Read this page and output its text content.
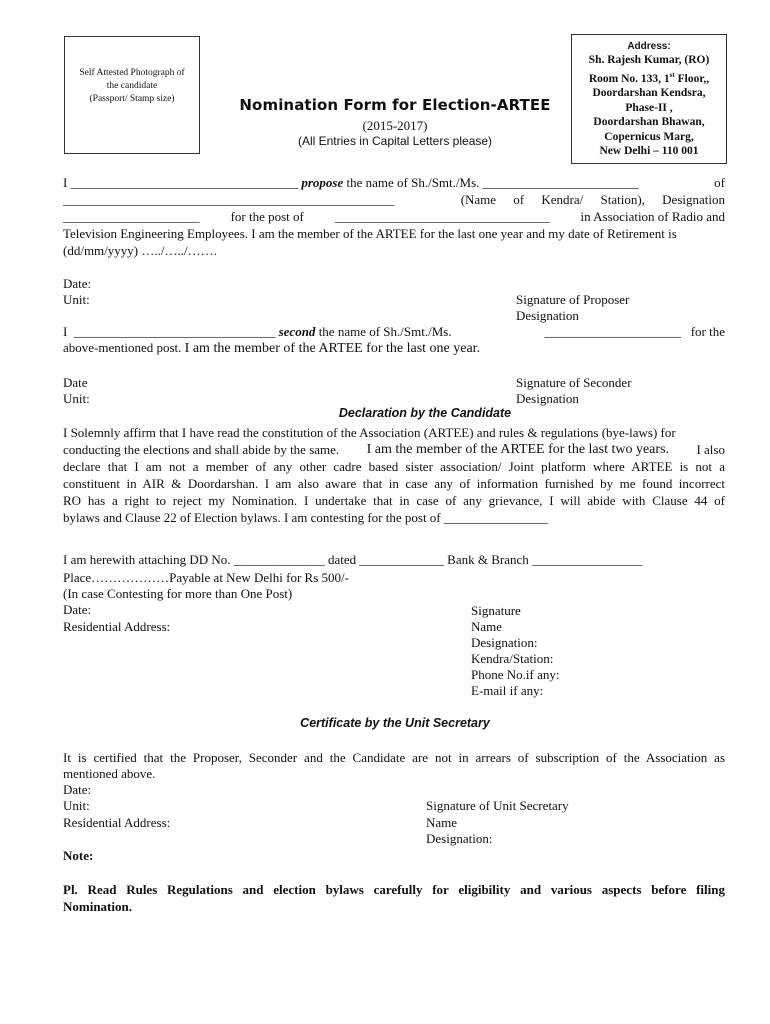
Self Attested Photograph of
the candidate
(Passport/ Stamp size)	Nomination Form for Election-ARTEE
(2015-2017)
(All Entries in Capital Letters please)
Address:
Sh. Rajesh Kumar, (RO)
Room No. 133, 1st Floor,,
Doordarshan Kendsra,
Phase-II ,
Doordarshan Bhawan,
Copernicus Marg,
New Delhi – 110 001
I ___________________________________ propose the name of Sh./Smt./Ms. ________________________	of
___________________________________________________	(Name of Kendra/ Station), Designation
_____________________ for the post of _________________________________ in Association of Radio and
Television Engineering Employees. I am the member of the ARTEE for the last one year and my date of Retirement is
(dd/mm/yyyy) …../…../…….
Date:
Unit:	Signature of Proposer
Designation
I _______________________________ second the name of Sh./Smt./Ms.	_____________________ for the
above-mentioned post. I am the member of the ARTEE for the last one year.
Date
Unit:
Signature of Seconder
Designation
Declaration by the Candidate
I Solemnly affirm that I have read the constitution of the Association (ARTEE) and rules & regulations (bye-laws) for
conducting the elections and shall abide by the same. I am the member of the ARTEE for the last two years. I also
declare that I am not a member of any other cadre based sister association/ Joint platform where ARTEE is not a
constituent in AIR & Doordarshan. I am also aware that in case any of information furnished by me found incorrect
RO has a right to reject my Nomination. I undertake that in case of any grievance, I will abide with Clause 44 of
bylaws and Clause 22 of Election bylaws. I am contesting for the post of ________________
I am herewith attaching DD No. ______________ dated _____________ Bank & Branch _________________
Place………………Payable at New Delhi for Rs 500/-
(In case Contesting for more than One Post)
Date:
Residential Address:
Signature
Name
Designation:
Kendra/Station:
Phone No.if any:
E-mail if any:
Certificate by the Unit Secretary
It is certified that the Proposer, Seconder and the Candidate are not in arrears of subscription of the Association as
mentioned above.
Date:
Unit:
Residential Address:
Signature of Unit Secretary
Name
Designation:
Note:
Pl. Read Rules Regulations and election bylaws carefully for eligibility and various aspects before filing
Nomination.
